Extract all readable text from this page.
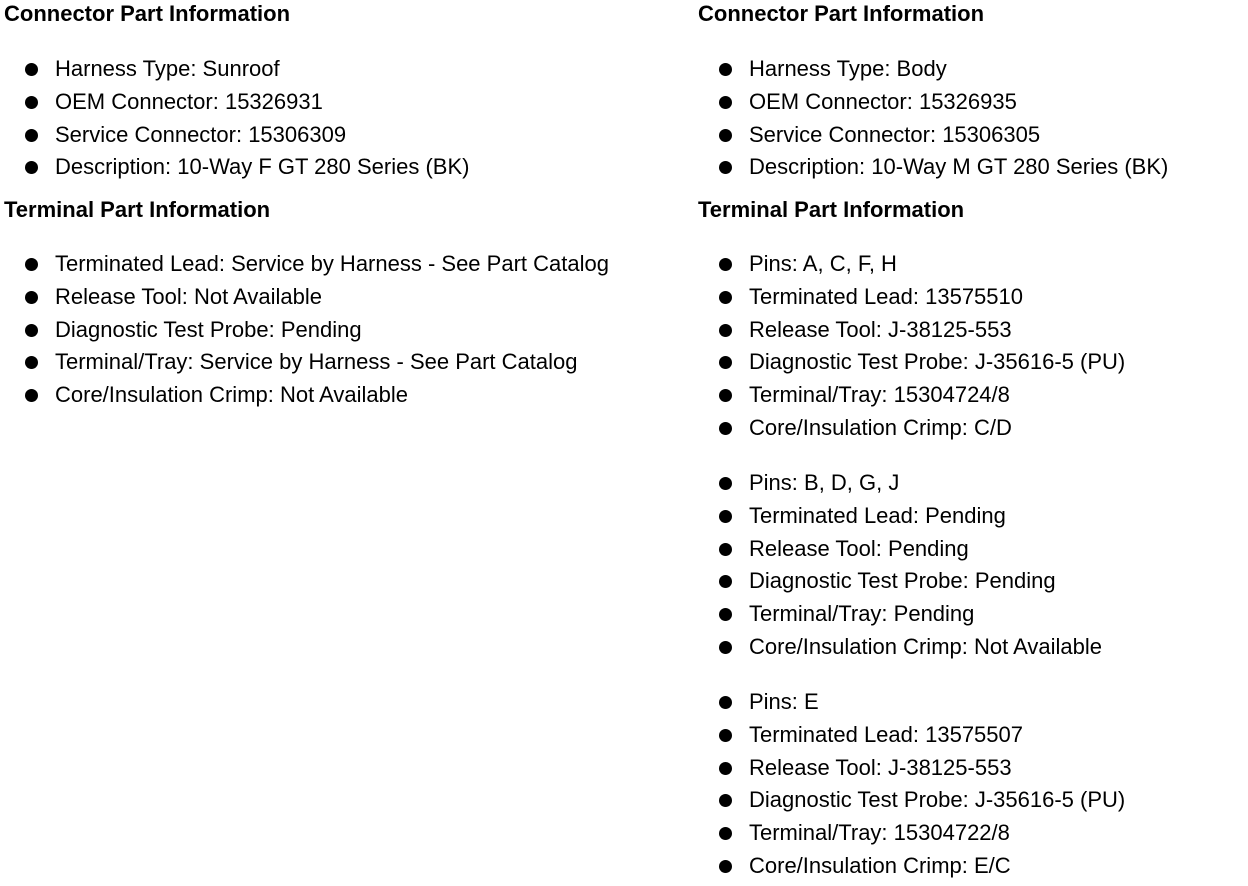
Connector Part Information
Harness Type: Sunroof
OEM Connector: 15326931
Service Connector: 15306309
Description: 10-Way F GT 280 Series (BK)
Terminal Part Information
Terminated Lead: Service by Harness - See Part Catalog
Release Tool: Not Available
Diagnostic Test Probe: Pending
Terminal/Tray: Service by Harness - See Part Catalog
Core/Insulation Crimp: Not Available
Connector Part Information
Harness Type: Body
OEM Connector: 15326935
Service Connector: 15306305
Description: 10-Way M GT 280 Series (BK)
Terminal Part Information
Pins: A, C, F, H
Terminated Lead: 13575510
Release Tool: J-38125-553
Diagnostic Test Probe: J-35616-5 (PU)
Terminal/Tray: 15304724/8
Core/Insulation Crimp: C/D
Pins: B, D, G, J
Terminated Lead: Pending
Release Tool: Pending
Diagnostic Test Probe: Pending
Terminal/Tray: Pending
Core/Insulation Crimp: Not Available
Pins: E
Terminated Lead: 13575507
Release Tool: J-38125-553
Diagnostic Test Probe: J-35616-5 (PU)
Terminal/Tray: 15304722/8
Core/Insulation Crimp: E/C
